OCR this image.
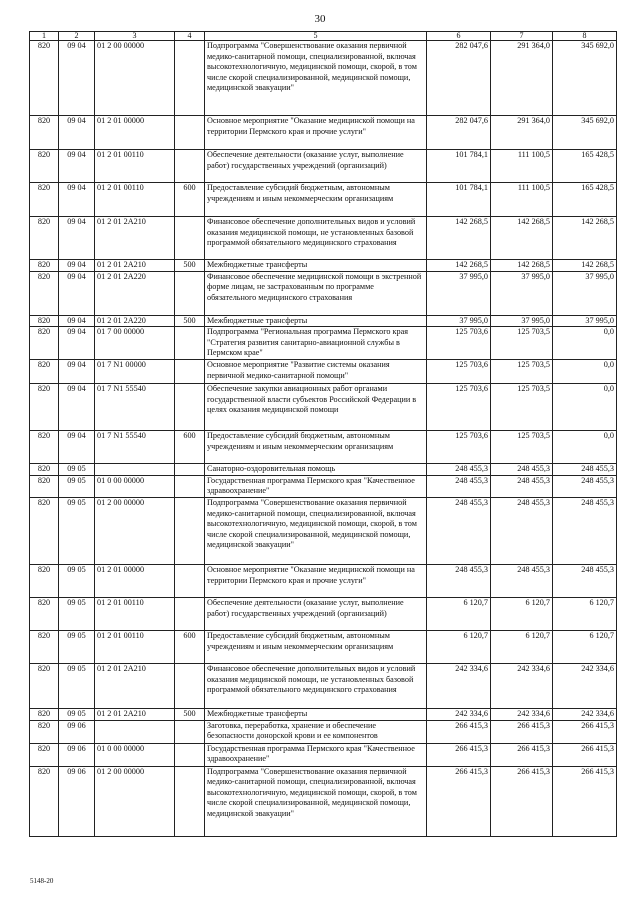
30
1	2	3	4	5	6	7	8
820	09 04	01 2 00 00000		Подпрограмма "Совершенствование оказания первичной медико-санитарной помощи, специализированной, включая высокотехнологичную, медицинской помощи, скорой, в том числе скорой специализированной, медицинской помощи, медицинской эвакуации"	282 047,6	291 364,0	345 692,0
820	09 04	01 2 01 00000		Основное мероприятие "Оказание медицинской помощи на территории Пермского края и прочие услуги"	282 047,6	291 364,0	345 692,0
820	09 04	01 2 01 00110		Обеспечение деятельности (оказание услуг, выполнение работ) государственных учреждений (организаций)	101 784,1	111 100,5	165 428,5
820	09 04	01 2 01 00110	600	Предоставление субсидий бюджетным, автономным учреждениям и иным некоммерческим организациям	101 784,1	111 100,5	165 428,5
820	09 04	01 2 01 2А210		Финансовое обеспечение дополнительных видов и условий оказания медицинской помощи, не установленных базовой программой обязательного медицинского страхования	142 268,5	142 268,5	142 268,5
820	09 04	01 2 01 2А210	500	Межбюджетные трансферты	142 268,5	142 268,5	142 268,5
820	09 04	01 2 01 2А220		Финансовое обеспечение медицинской помощи в экстренной форме лицам, не застрахованным по программе обязательного медицинского страхования	37 995,0	37 995,0	37 995,0
820	09 04	01 2 01 2А220	500	Межбюджетные трансферты	37 995,0	37 995,0	37 995,0
820	09 04	01 7 00 00000		Подпрограмма "Региональная программа Пермского края "Стратегия развития санитарно-авиационной службы в Пермском крае"	125 703,6	125 703,5	0,0
820	09 04	01 7 N1 00000		Основное мероприятие "Развитие системы оказания первичной медико-санитарной помощи"	125 703,6	125 703,5	0,0
820	09 04	01 7 N1 55540		Обеспечение закупки авиационных работ органами государственной власти субъектов Российской Федерации в целях оказания медицинской помощи	125 703,6	125 703,5	0,0
820	09 04	01 7 N1 55540	600	Предоставление субсидий бюджетным, автономным учреждениям и иным некоммерческим организациям	125 703,6	125 703,5	0,0
820	09 05			Санаторно-оздоровительная помощь	248 455,3	248 455,3	248 455,3
820	09 05	01 0 00 00000		Государственная программа Пермского края "Качественное здравоохранение"	248 455,3	248 455,3	248 455,3
820	09 05	01 2 00 00000		Подпрограмма "Совершенствование оказания первичной медико-санитарной помощи, специализированной, включая высокотехнологичную, медицинской помощи, скорой, в том числе скорой специализированной, медицинской помощи, медицинской эвакуации"	248 455,3	248 455,3	248 455,3
820	09 05	01 2 01 00000		Основное мероприятие "Оказание медицинской помощи на территории Пермского края и прочие услуги"	248 455,3	248 455,3	248 455,3
820	09 05	01 2 01 00110		Обеспечение деятельности (оказание услуг, выполнение работ) государственных учреждений (организаций)	6 120,7	6 120,7	6 120,7
820	09 05	01 2 01 00110	600	Предоставление субсидий бюджетным, автономным учреждениям и иным некоммерческим организациям	6 120,7	6 120,7	6 120,7
820	09 05	01 2 01 2А210		Финансовое обеспечение дополнительных видов и условий оказания медицинской помощи, не установленных базовой программой обязательного медицинского страхования	242 334,6	242 334,6	242 334,6
820	09 05	01 2 01 2А210	500	Межбюджетные трансферты	242 334,6	242 334,6	242 334,6
820	09 06			Заготовка, переработка, хранение и обеспечение безопасности донорской крови и ее компонентов	266 415,3	266 415,3	266 415,3
820	09 06	01 0 00 00000		Государственная программа Пермского края "Качественное здравоохранение"	266 415,3	266 415,3	266 415,3
820	09 06	01 2 00 00000		Подпрограмма "Совершенствование оказания первичной медико-санитарной помощи, специализированной, включая высокотехнологичную, медицинской помощи, скорой, в том числе скорой специализированной, медицинской помощи, медицинской эвакуации"	266 415,3	266 415,3	266 415,3
5148-20
